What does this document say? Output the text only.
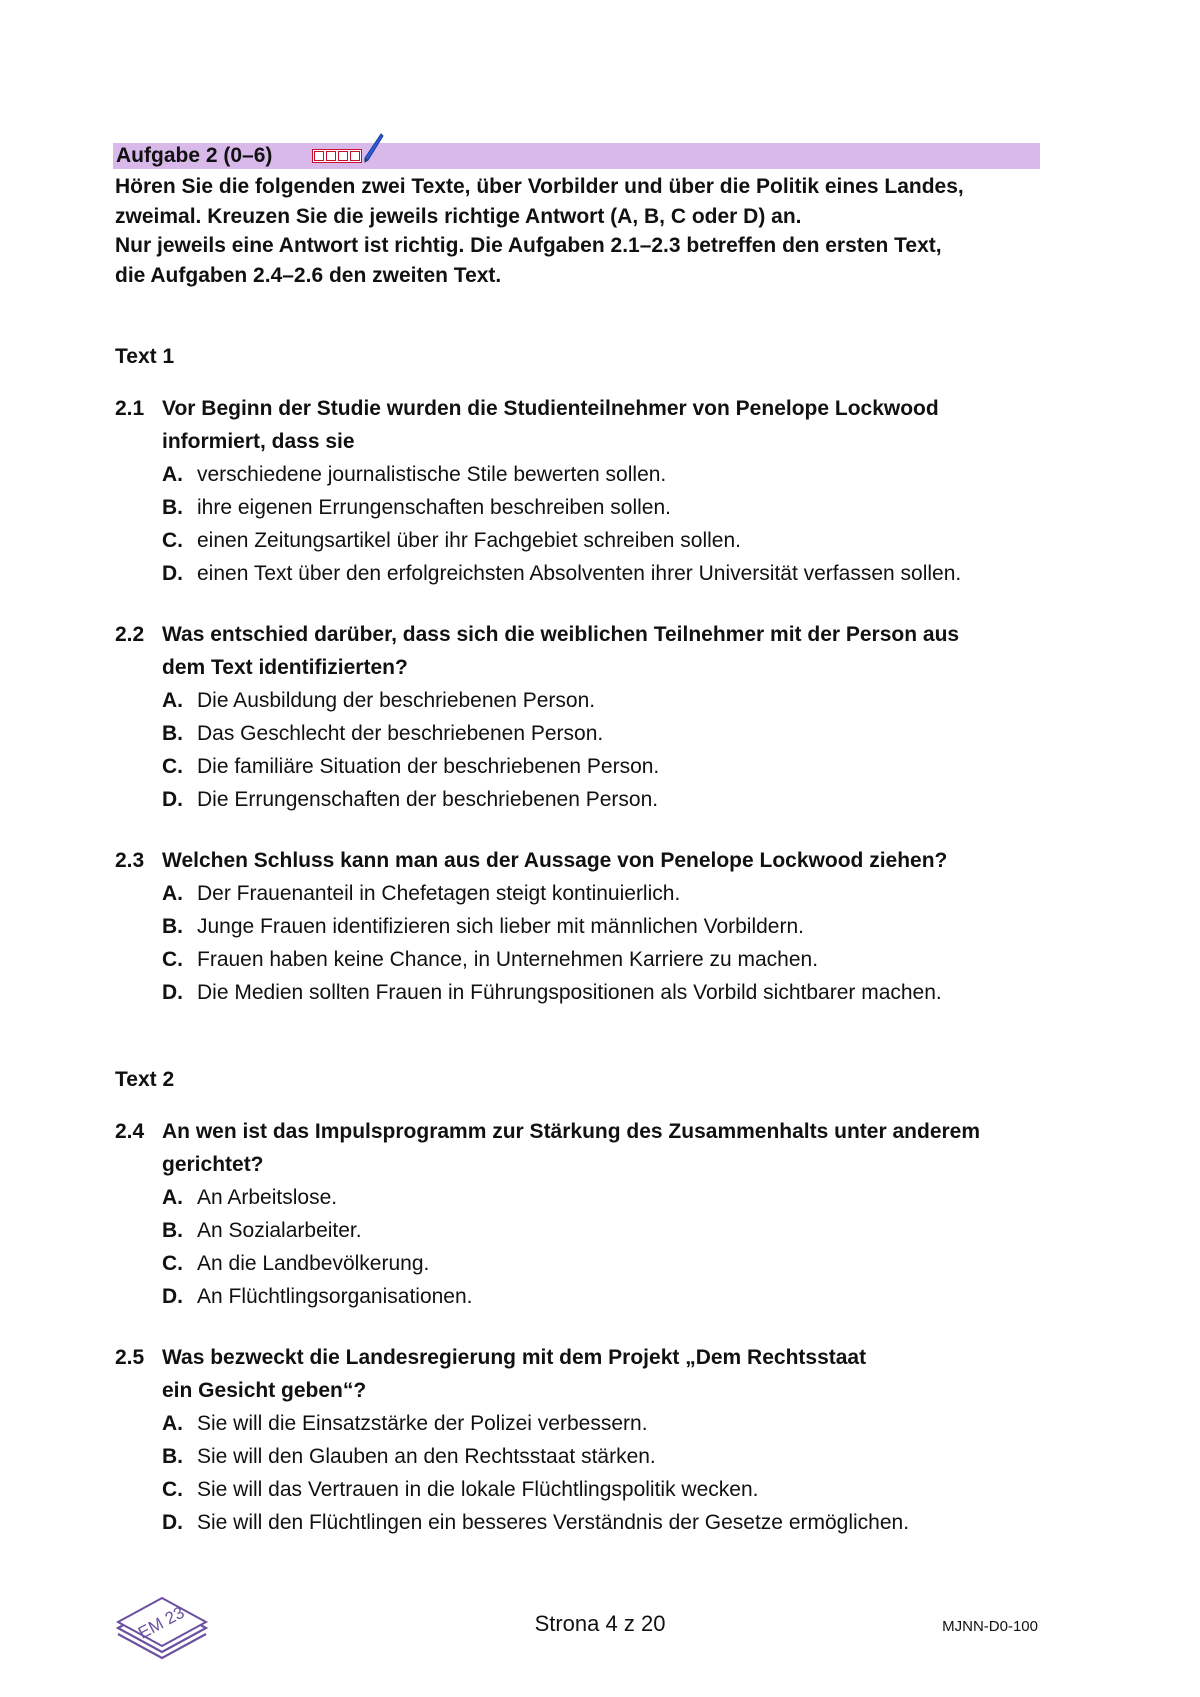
Aufgabe 2 (0–6)

Hören Sie die folgenden zwei Texte, über Vorbilder und über die Politik eines Landes,

zweimal. Kreuzen Sie die jeweils richtige Antwort (A, B, C oder D) an.

Nur jeweils eine Antwort ist richtig. Die Aufgaben 2.1–2.3 betreffen den ersten Text,

die Aufgaben 2.4–2.6 den zweiten Text.

Text 1
2.1 Vor Beginn der Studie wurden die Studienteilnehmer von Penelope Lockwood
informiert, dass sie
A. verschiedene journalistische Stile bewerten sollen.
B. ihre eigenen Errungenschaften beschreiben sollen.
C. einen Zeitungsartikel über ihr Fachgebiet schreiben sollen.
D. einen Text über den erfolgreichsten Absolventen ihrer Universität verfassen sollen.
2.2 Was entschied darüber, dass sich die weiblichen Teilnehmer mit der Person aus
dem Text identifizierten?
A. Die Ausbildung der beschriebenen Person.
B. Das Geschlecht der beschriebenen Person.
C. Die familiäre Situation der beschriebenen Person.
D. Die Errungenschaften der beschriebenen Person.
2.3 Welchen Schluss kann man aus der Aussage von Penelope Lockwood ziehen?
A. Der Frauenanteil in Chefetagen steigt kontinuierlich.
B. Junge Frauen identifizieren sich lieber mit männlichen Vorbildern.
C. Frauen haben keine Chance, in Unternehmen Karriere zu machen.
D. Die Medien sollten Frauen in Führungspositionen als Vorbild sichtbarer machen.
Text 2
2.4 An wen ist das Impulsprogramm zur Stärkung des Zusammenhalts unter anderem
gerichtet?
A. An Arbeitslose.
B. An Sozialarbeiter.
C. An die Landbevölkerung.
D. An Flüchtlingsorganisationen.
2.5 Was bezweckt die Landesregierung mit dem Projekt „Dem Rechtsstaat
ein Gesicht geben“?
A. Sie will die Einsatzstärke der Polizei verbessern.
B. Sie will den Glauben an den Rechtsstaat stärken.
C. Sie will das Vertrauen in die lokale Flüchtlingspolitik wecken.
D. Sie will den Flüchtlingen ein besseres Verständnis der Gesetze ermöglichen.
EM 23	Strona 4 z 20	MJNN-D0-100
